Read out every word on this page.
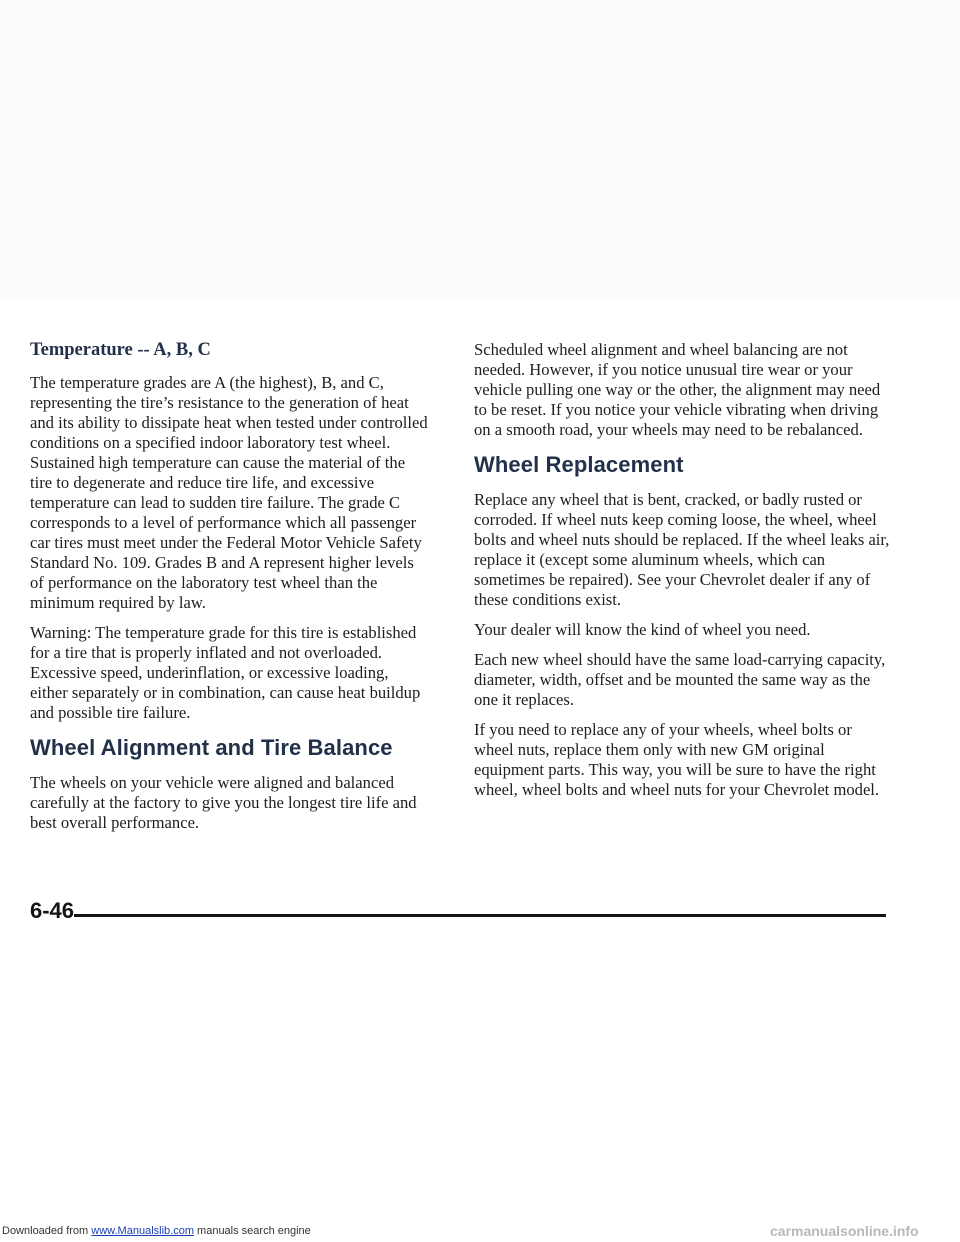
Temperature -- A, B, C

The temperature grades are A (the highest), B, and C, representing the tire’s resistance to the generation of heat and its ability to dissipate heat when tested under controlled conditions on a specified indoor laboratory test wheel. Sustained high temperature can cause the material of the tire to degenerate and reduce tire life, and excessive temperature can lead to sudden tire failure. The grade C corresponds to a level of performance which all passenger car tires must meet under the Federal Motor Vehicle Safety Standard No. 109. Grades B and A represent higher levels of performance on the laboratory test wheel than the minimum required by law.

Warning: The temperature grade for this tire is established for a tire that is properly inflated and not overloaded. Excessive speed, underinflation, or excessive loading, either separately or in combination, can cause heat buildup and possible tire failure.

Wheel Alignment and Tire Balance

The wheels on your vehicle were aligned and balanced carefully at the factory to give you the longest tire life and best overall performance.

Scheduled wheel alignment and wheel balancing are not needed. However, if you notice unusual tire wear or your vehicle pulling one way or the other, the alignment may need to be reset. If you notice your vehicle vibrating when driving on a smooth road, your wheels may need to be rebalanced.

Wheel Replacement

Replace any wheel that is bent, cracked, or badly rusted or corroded. If wheel nuts keep coming loose, the wheel, wheel bolts and wheel nuts should be replaced. If the wheel leaks air, replace it (except some aluminum wheels, which can sometimes be repaired). See your Chevrolet dealer if any of these conditions exist.

Your dealer will know the kind of wheel you need.

Each new wheel should have the same load-carrying capacity, diameter, width, offset and be mounted the same way as the one it replaces.

If you need to replace any of your wheels, wheel bolts or wheel nuts, replace them only with new GM original equipment parts. This way, you will be sure to have the right wheel, wheel bolts and wheel nuts for your Chevrolet model.

6-46
Downloaded from www.Manualslib.com manuals search engine	carmanualsonline.info
